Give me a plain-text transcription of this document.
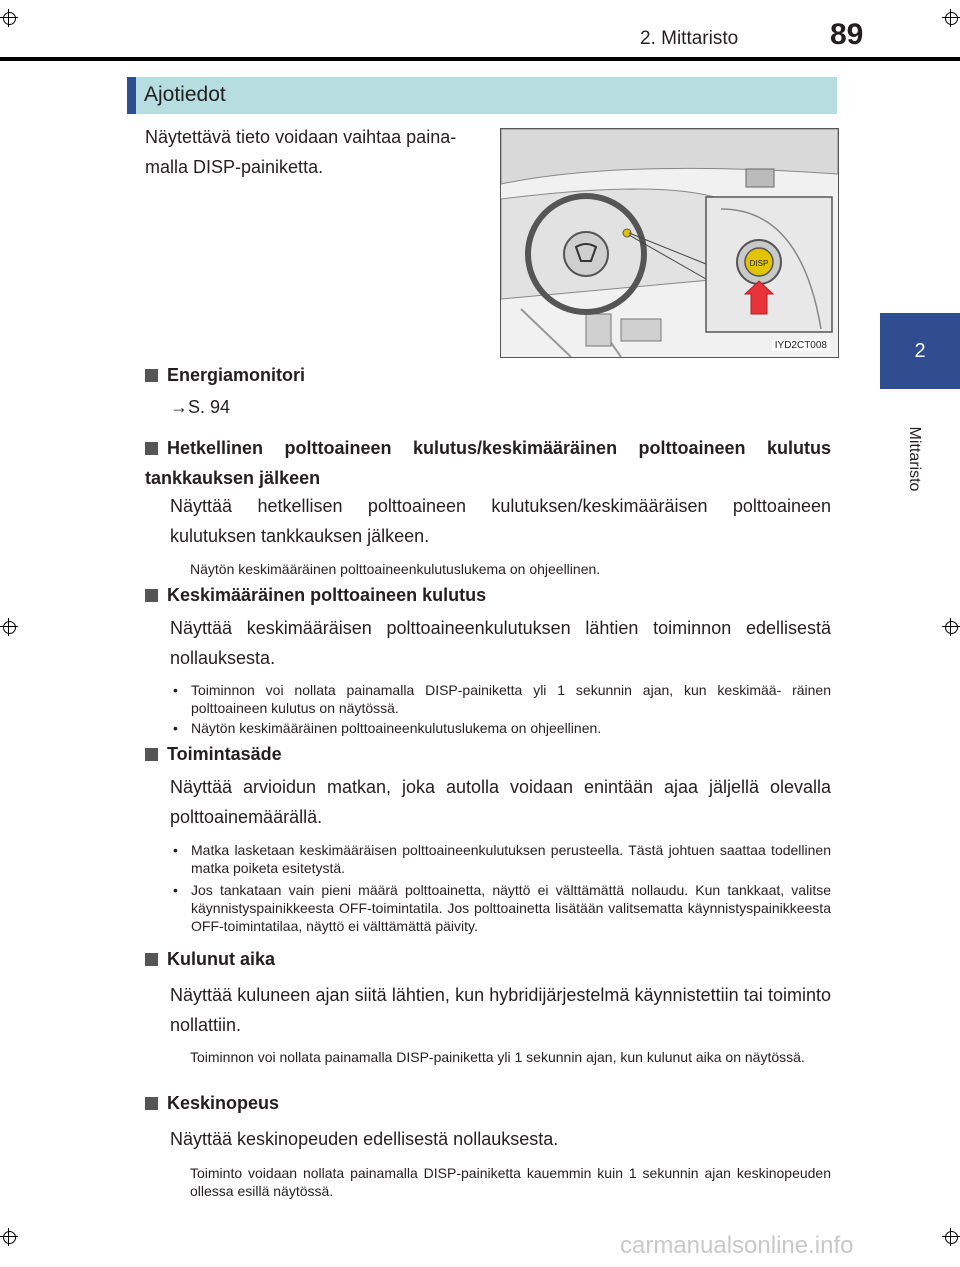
2. Mittaristo	89
2
Mittaristo
Ajotiedot
Näytettävä tieto voidaan vaihtaa paina- malla DISP-painiketta.
DISP
IYD2CT008
Energiamonitori
→S. 94
Hetkellinen polttoaineen kulutus/keskimääräinen polttoaineen kulutus tankkauksen jälkeen
Näyttää hetkellisen polttoaineen kulutuksen/keskimääräisen polttoaineen kulutuksen tankkauksen jälkeen.
Näytön keskimääräinen polttoaineenkulutuslukema on ohjeellinen.
Keskimääräinen polttoaineen kulutus
Näyttää keskimääräisen polttoaineenkulutuksen lähtien toiminnon edellisestä nollauksesta.
• Toiminnon voi nollata painamalla DISP-painiketta yli 1 sekunnin ajan, kun keskimää- räinen polttoaineen kulutus on näytössä.
• Näytön keskimääräinen polttoaineenkulutuslukema on ohjeellinen.
Toimintasäde
Näyttää arvioidun matkan, joka autolla voidaan enintään ajaa jäljellä olevalla polttoainemäärällä.
• Matka lasketaan keskimääräisen polttoaineenkulutuksen perusteella. Tästä johtuen saattaa todellinen matka poiketa esitetystä.
• Jos tankataan vain pieni määrä polttoainetta, näyttö ei välttämättä nollaudu. Kun tankkaat, valitse käynnistyspainikkeesta OFF-toimintatila. Jos polttoainetta lisätään valitsematta käynnistyspainikkeesta OFF-toimintatilaa, näyttö ei välttämättä päivity.
Kulunut aika
Näyttää kuluneen ajan siitä lähtien, kun hybridijärjestelmä käynnistettiin tai toiminto nollattiin.
Toiminnon voi nollata painamalla DISP-painiketta yli 1 sekunnin ajan, kun kulunut aika on näytössä.
Keskinopeus
Näyttää keskinopeuden edellisestä nollauksesta.
Toiminto voidaan nollata painamalla DISP-painiketta kauemmin kuin 1 sekunnin ajan keskinopeuden ollessa esillä näytössä.
carmanualsonline.info
